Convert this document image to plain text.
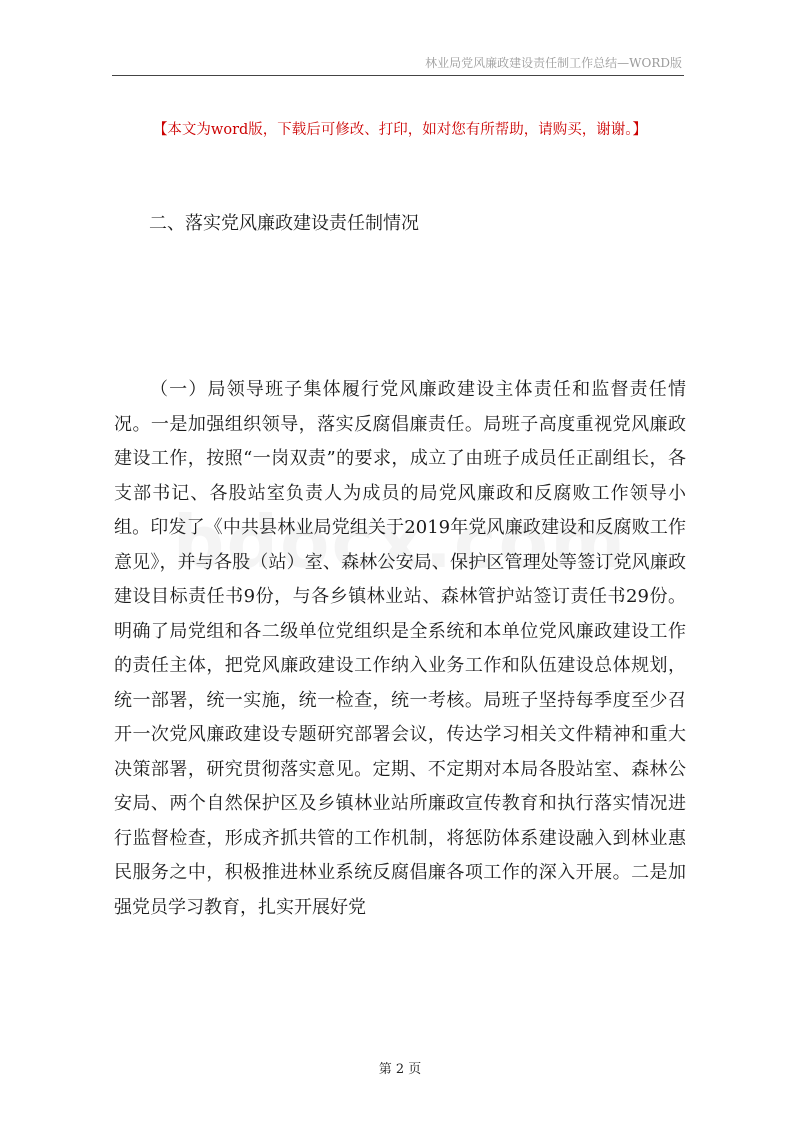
林业局党风廉政建设责任制工作总结—WORD版
【本文为word版，下载后可修改、打印，如对您有所帮助，请购买，谢谢。】
二、落实党风廉政建设责任制情况

（一）局领导班子集体履行党风廉政建设主体责任和监督责任情况。一是加强组织领导，落实反腐倡廉责任。局班子高度重视党风廉政建设工作，按照“一岗双责”的要求，成立了由班子成员任正副组长，各支部书记、各股站室负责人为成员的局党风廉政和反腐败工作领导小组。印发了《中共县林业局党组关于2019年党风廉政建设和反腐败工作意见》，并与各股（站）室、森林公安局、保护区管理处等签订党风廉政建设目标责任书9份，与各乡镇林业站、森林管护站签订责任书29份。明确了局党组和各二级单位党组织是全系统和本单位党风廉政建设工作的责任主体，把党风廉政建设工作纳入业务工作和队伍建设总体规划，统一部署，统一实施，统一检查，统一考核。局班子坚持每季度至少召开一次党风廉政建设专题研究部署会议，传达学习相关文件精神和重大决策部署，研究贯彻落实意见。定期、不定期对本局各股站室、森林公安局、两个自然保护区及乡镇林业站所廉政宣传教育和执行落实情况进行监督检查，形成齐抓共管的工作机制，将惩防体系建设融入到林业惠民服务之中，积极推进林业系统反腐倡廉各项工作的深入开展。二是加强党员学习教育，扎实开展好党

第 2 页
